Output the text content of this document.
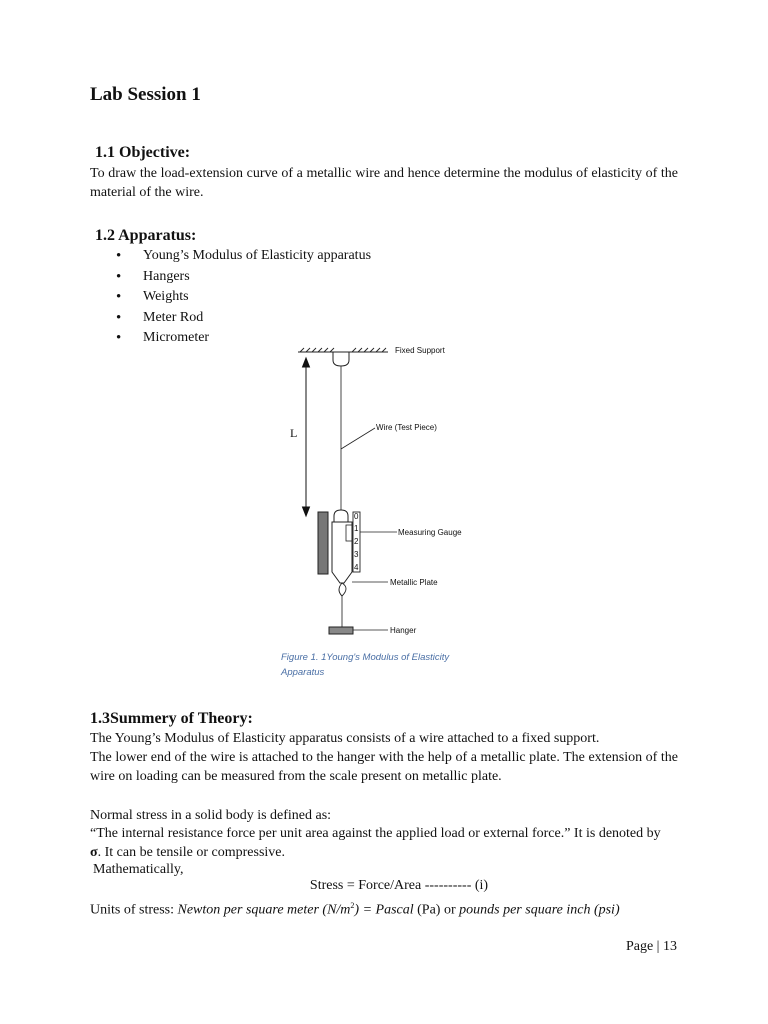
Lab Session 1
1.1 Objective:

To draw the load-extension curve of a metallic wire and hence determine the modulus of elasticity of the material of the wire.

1.2 Apparatus:
• Young’s Modulus of Elasticity apparatus
• Hangers
• Weights
• Meter Rod
• Micrometer
L
Fixed Support
Wire (Test Piece)
0
1
2
3
4
Measuring Gauge
Metallic Plate
Hanger
Figure 1. 1Young's Modulus of Elasticity Apparatus
1.3Summery of Theory:

The Young’s Modulus of Elasticity apparatus consists of a wire attached to a fixed support.

The lower end of the wire is attached to the hanger with the help of a metallic plate. The extension of the wire on loading can be measured from the scale present on metallic plate.

Normal stress in a solid body is defined as:

“The internal resistance force per unit area against the applied load or external force.” It is denoted by
σ. It can be tensile or compressive.

Mathematically,

Stress = Force/Area ---------- (i)

Units of stress: Newton per square meter $(N/m^2)$ = Pascal (Pa) or pounds per square inch (psi)

Page | 13
